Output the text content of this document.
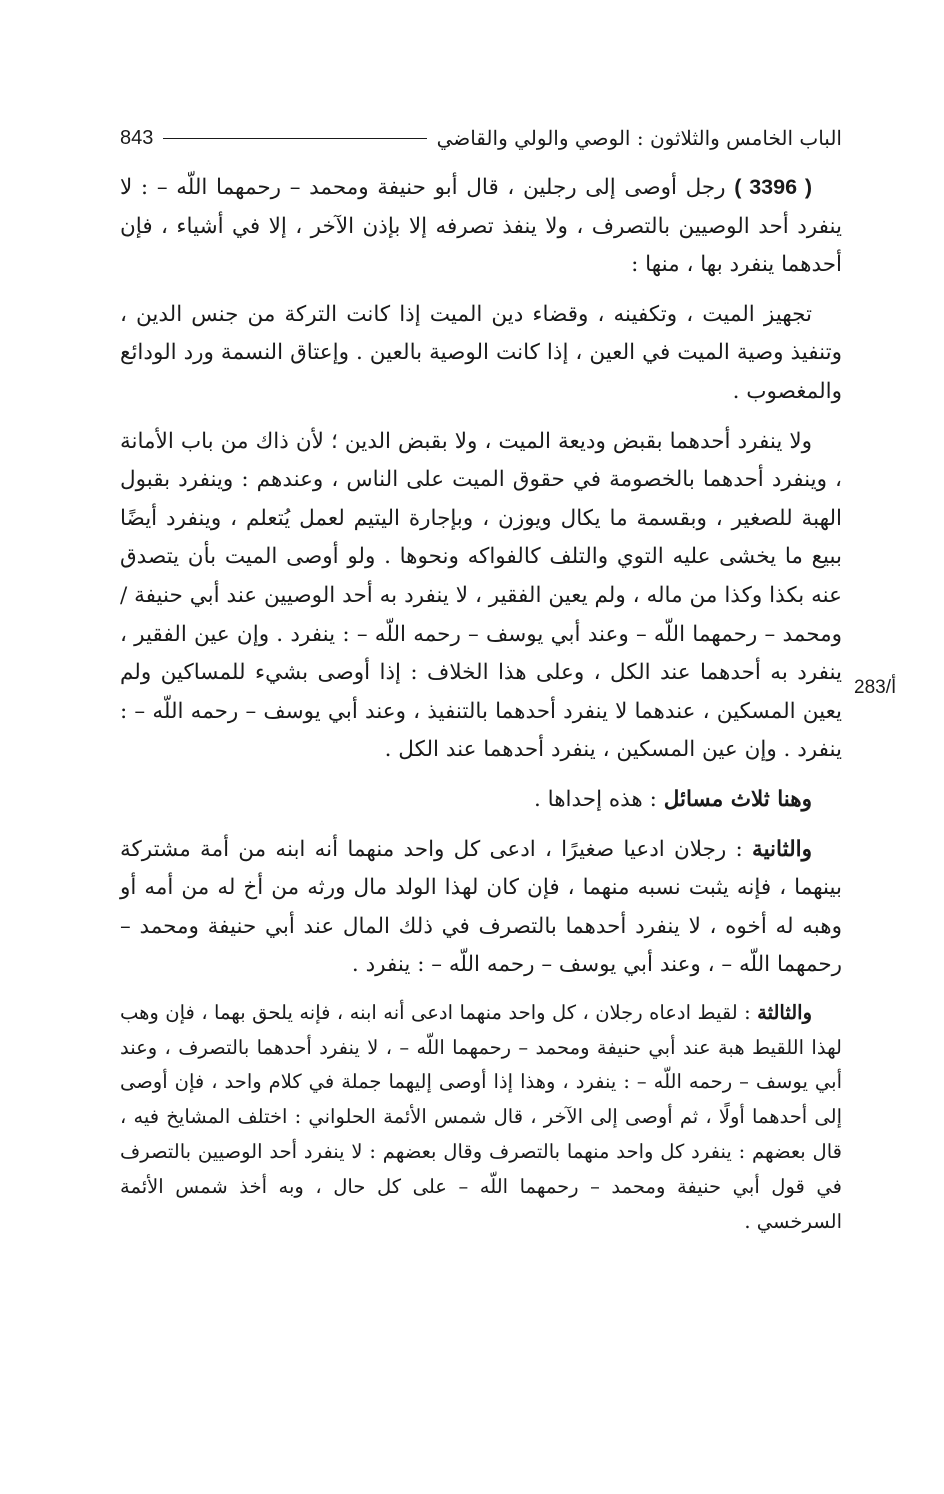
الباب الخامس والثلاثون : الوصي والولي والقاضي
843

( 3396 ) رجل أوصى إلى رجلين ، قال أبو حنيفة ومحمد – رحمهما اللّه – : لا ينفرد أحد الوصيين بالتصرف ، ولا ينفذ تصرفه إلا بإذن الآخر ، إلا في أشياء ، فإن أحدهما ينفرد بها ، منها :

تجهيز الميت ، وتكفينه ، وقضاء دين الميت إذا كانت التركة من جنس الدين ، وتنفيذ وصية الميت في العين ، إذا كانت الوصية بالعين . وإعتاق النسمة ورد الودائع والمغصوب .

ولا ينفرد أحدهما بقبض وديعة الميت ، ولا بقبض الدين ؛ لأن ذاك من باب الأمانة ، وينفرد أحدهما بالخصومة في حقوق الميت على الناس ، وعندهم : وينفرد بقبول الهبة للصغير ، وبقسمة ما يكال ويوزن ، وبإجارة اليتيم لعمل يُتعلم ، وينفرد أيضًا ببيع ما يخشى عليه التوي والتلف كالفواكه ونحوها . ولو أوصى الميت بأن يتصدق عنه بكذا وكذا من ماله ، ولم يعين الفقير ، لا ينفرد به أحد الوصيين عند أبي حنيفة / ومحمد – رحمهما اللّه – وعند أبي يوسف – رحمه اللّه – : ينفرد . وإن عين الفقير ، ينفرد به أحدهما عند الكل ، وعلى هذا الخلاف : إذا أوصى بشيء للمساكين ولم يعين المسكين ، عندهما لا ينفرد أحدهما بالتنفيذ ، وعند أبي يوسف – رحمه اللّه – : ينفرد . وإن عين المسكين ، ينفرد أحدهما عند الكل .

وهنا ثلاث مسائل : هذه إحداها .

والثانية : رجلان ادعيا صغيرًا ، ادعى كل واحد منهما أنه ابنه من أمة مشتركة بينهما ، فإنه يثبت نسبه منهما ، فإن كان لهذا الولد مال ورثه من أخ له من أمه أو وهبه له أخوه ، لا ينفرد أحدهما بالتصرف في ذلك المال عند أبي حنيفة ومحمد – رحمهما اللّه – ، وعند أبي يوسف – رحمه اللّه – : ينفرد .

والثالثة : لقيط ادعاه رجلان ، كل واحد منهما ادعى أنه ابنه ، فإنه يلحق بهما ، فإن وهب لهذا اللقيط هبة عند أبي حنيفة ومحمد – رحمهما اللّه – ، لا ينفرد أحدهما بالتصرف ، وعند أبي يوسف – رحمه اللّه – : ينفرد ، وهذا إذا أوصى إليهما جملة في كلام واحد ، فإن أوصى إلى أحدهما أولًا ، ثم أوصى إلى الآخر ، قال شمس الأئمة الحلواني : اختلف المشايخ فيه ، قال بعضهم : ينفرد كل واحد منهما بالتصرف وقال بعضهم : لا ينفرد أحد الوصيين بالتصرف في قول أبي حنيفة ومحمد – رحمهما اللّه – على كل حال ، وبه أخذ شمس الأئمة السرخسي .

283/أ
